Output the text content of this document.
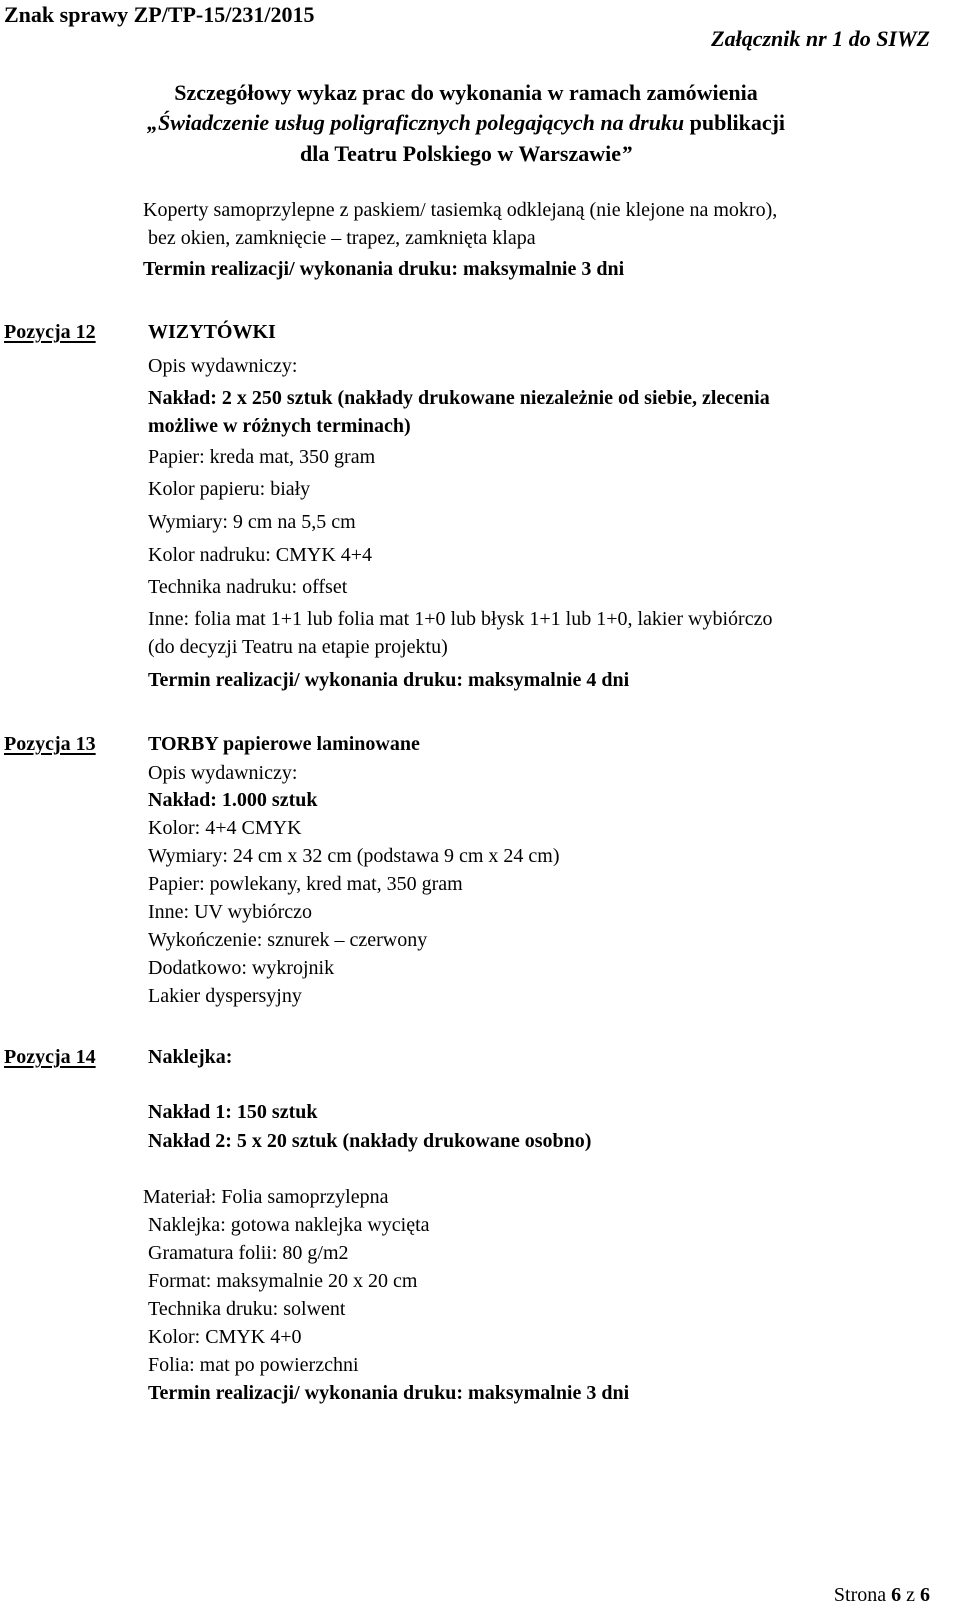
Znak sprawy ZP/TP-15/231/2015
Załącznik nr 1 do SIWZ
Szczegółowy wykaz prac do wykonania w ramach zamówienia
„Świadczenie usług poligraficznych polegających na druku publikacji
dla Teatru Polskiego w Warszawie”
Koperty samoprzylepne z paskiem/ tasiemką odklejaną (nie klejone na mokro),
bez okien, zamknięcie – trapez, zamknięta klapa
Termin realizacji/ wykonania druku: maksymalnie 3 dni
Pozycja 12	WIZYTÓWKI
Opis wydawniczy:
Nakład: 2 x 250 sztuk (nakłady drukowane niezależnie od siebie, zlecenia
możliwe w różnych terminach)
Papier: kreda mat, 350 gram
Kolor papieru: biały
Wymiary: 9 cm na 5,5 cm
Kolor nadruku: CMYK 4+4
Technika nadruku: offset
Inne: folia mat 1+1 lub folia mat 1+0 lub błysk 1+1 lub 1+0, lakier wybiórczo
(do decyzji Teatru na etapie projektu)
Termin realizacji/ wykonania druku: maksymalnie 4 dni
Pozycja 13	TORBY papierowe laminowane
Opis wydawniczy:
Nakład: 1.000 sztuk
Kolor: 4+4 CMYK
Wymiary: 24 cm x 32 cm (podstawa 9 cm x 24 cm)
Papier: powlekany, kred mat, 350 gram
Inne: UV wybiórczo
Wykończenie: sznurek – czerwony
Dodatkowo: wykrojnik
Lakier dyspersyjny
Pozycja 14	Naklejka:
Nakład 1: 150 sztuk
Nakład 2: 5 x 20 sztuk (nakłady drukowane osobno)
Materiał: Folia samoprzylepna
Naklejka: gotowa naklejka wycięta
Gramatura folii: 80 g/m2
Format: maksymalnie 20 x 20 cm
Technika druku: solwent
Kolor: CMYK 4+0
Folia: mat po powierzchni
Termin realizacji/ wykonania druku: maksymalnie 3 dni
Strona 6 z 6
